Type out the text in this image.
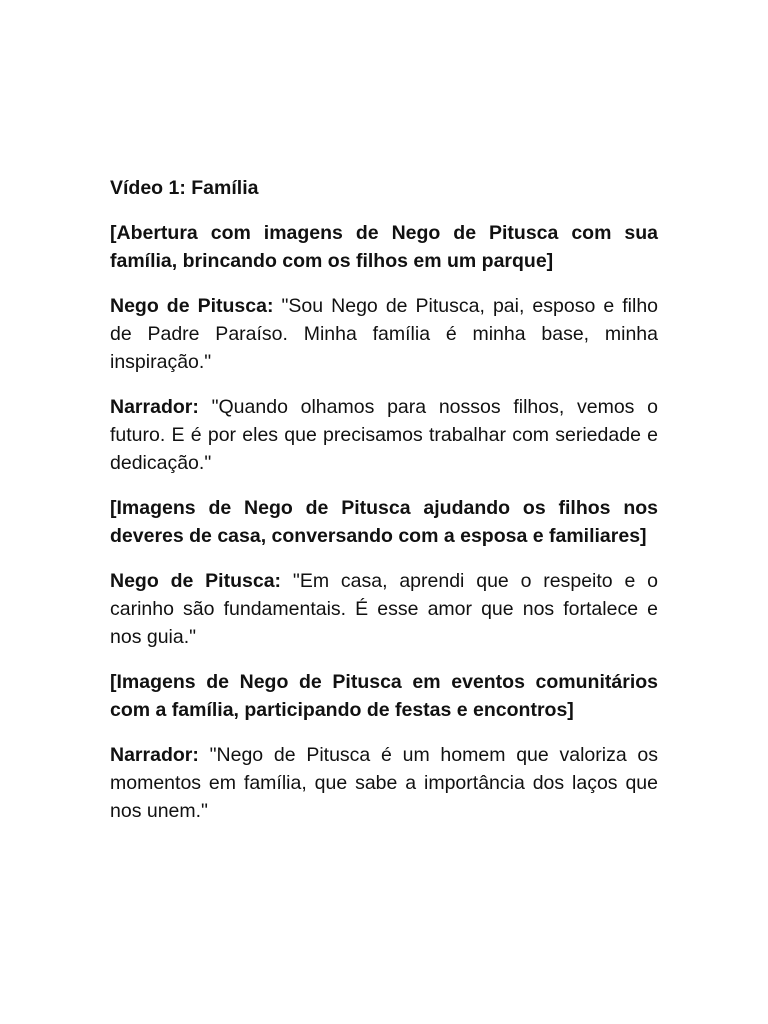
Vídeo 1: Família

[Abertura com imagens de Nego de Pitusca com sua família, brincando com os filhos em um parque]

Nego de Pitusca: "Sou Nego de Pitusca, pai, esposo e filho de Padre Paraíso. Minha família é minha base, minha inspiração."

Narrador: "Quando olhamos para nossos filhos, vemos o futuro. E é por eles que precisamos trabalhar com seriedade e dedicação."

[Imagens de Nego de Pitusca ajudando os filhos nos deveres de casa, conversando com a esposa e familiares]

Nego de Pitusca: "Em casa, aprendi que o respeito e o carinho são fundamentais. É esse amor que nos fortalece e nos guia."

[Imagens de Nego de Pitusca em eventos comunitários com a família, participando de festas e encontros]

Narrador: "Nego de Pitusca é um homem que valoriza os momentos em família, que sabe a importância dos laços que nos unem."
